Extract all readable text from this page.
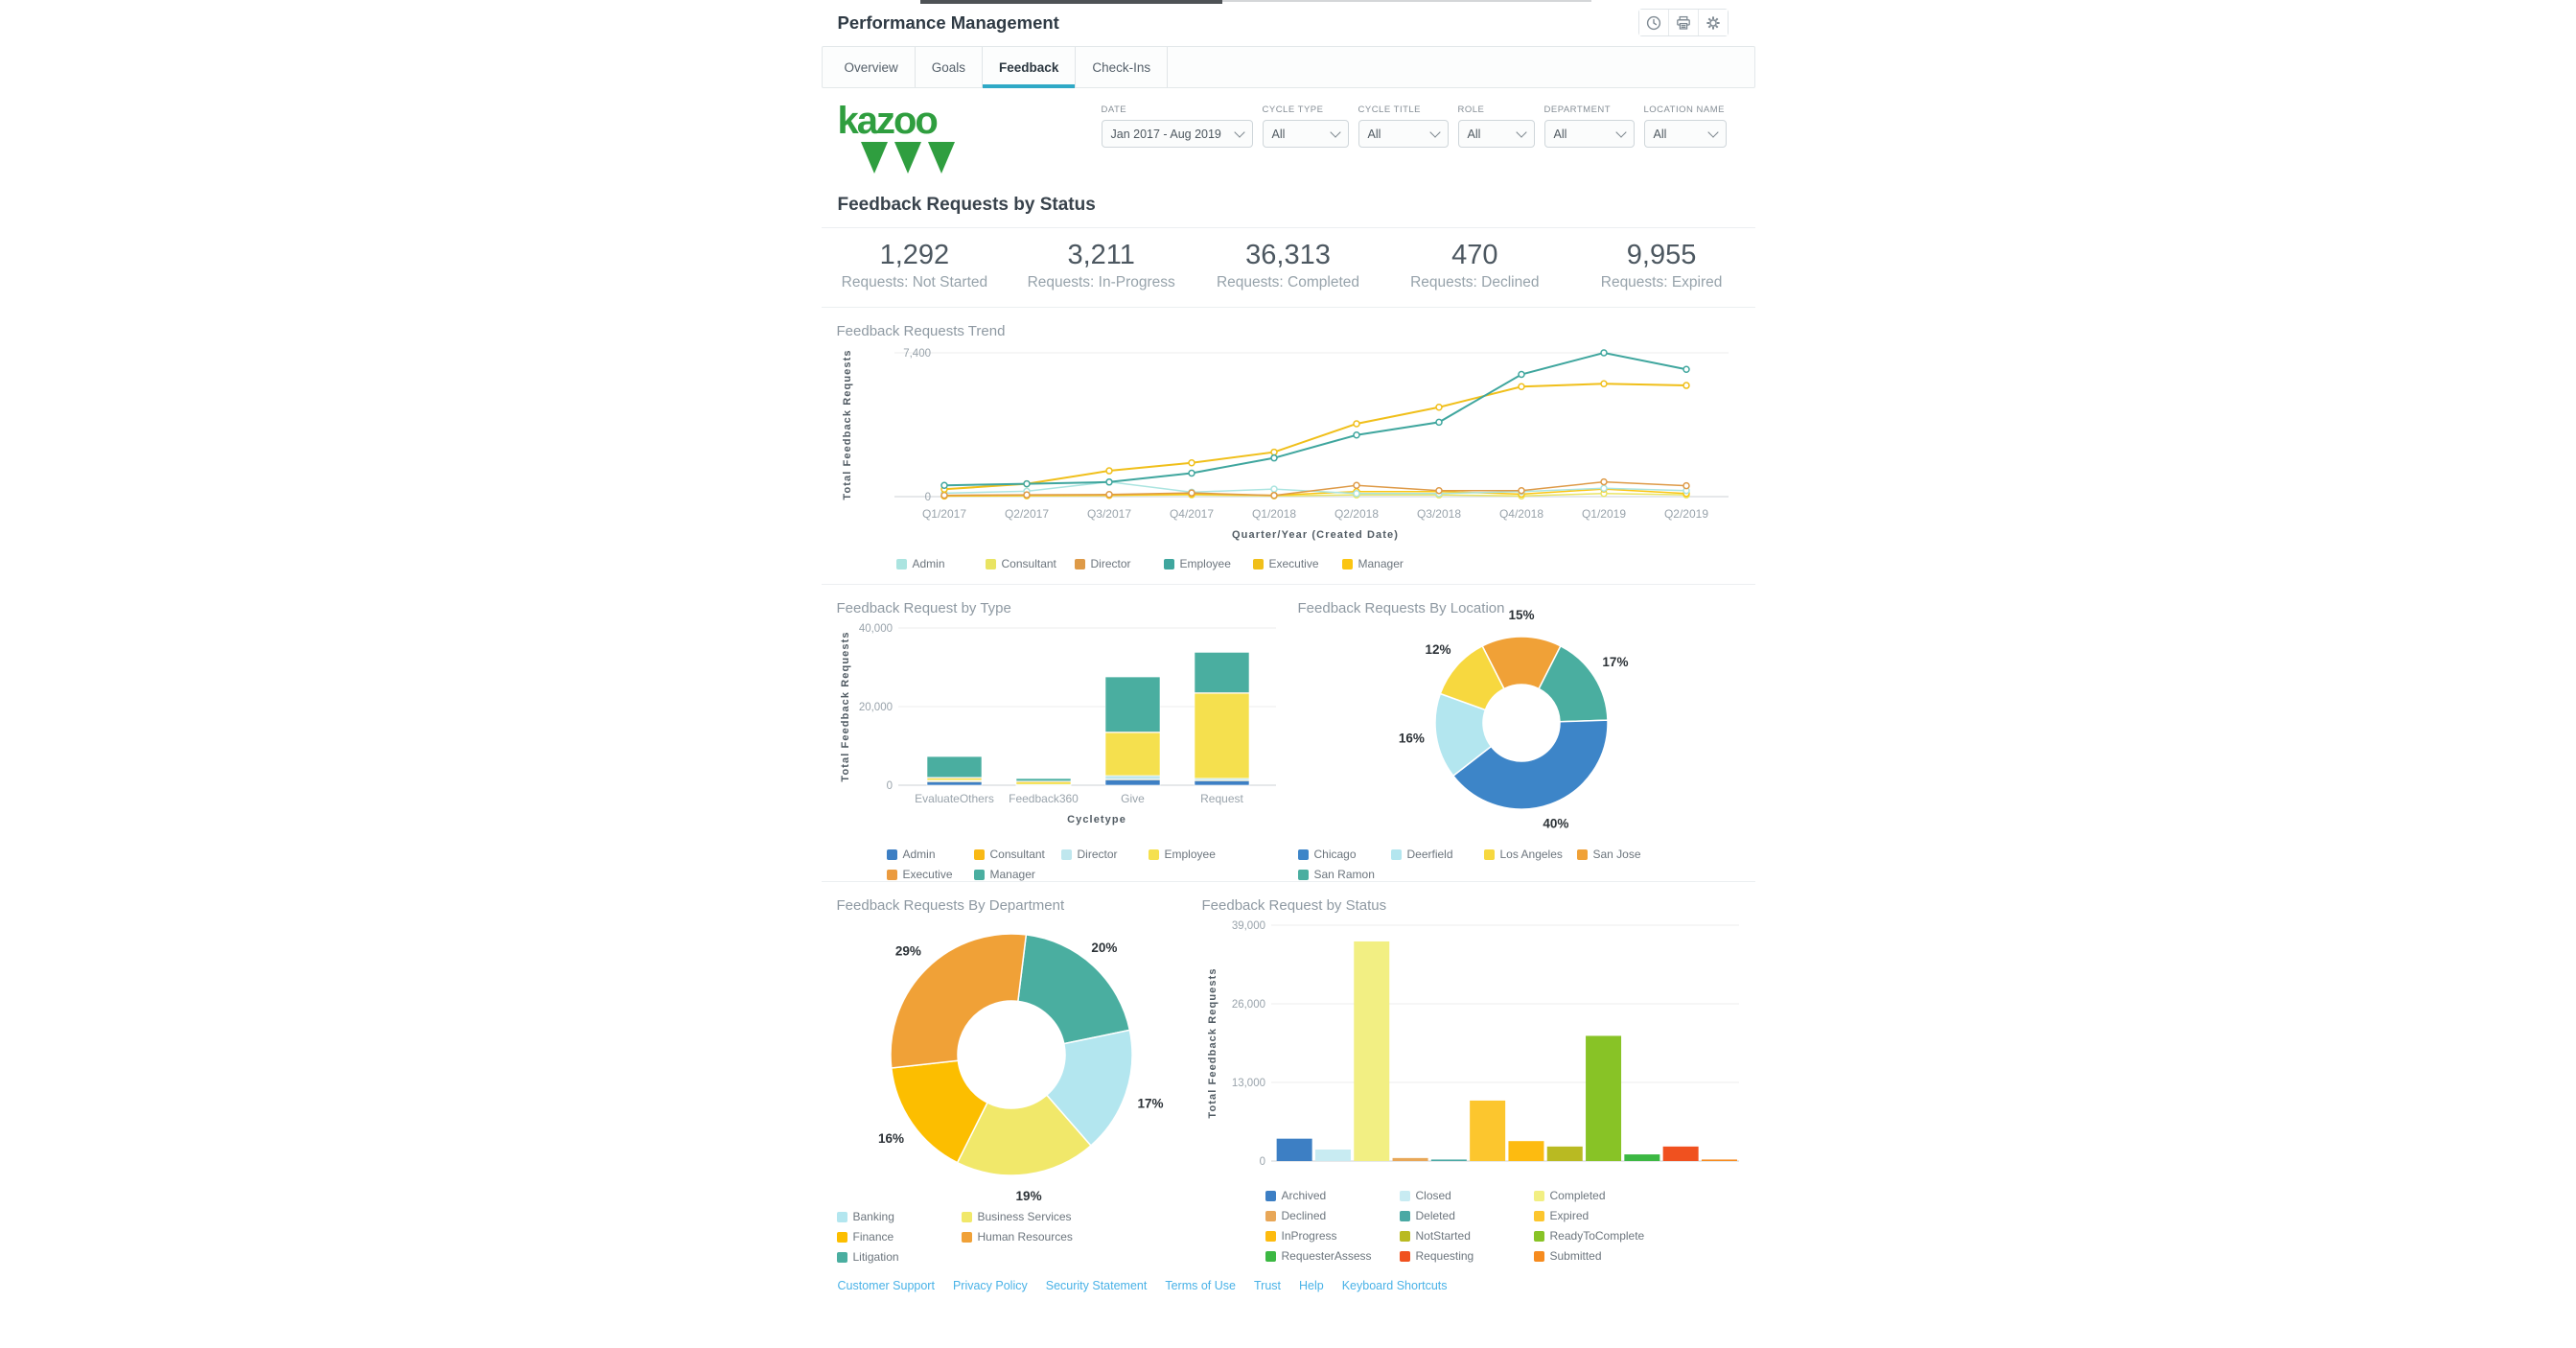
Performance Management
Overview	Goals	Feedback	Check-Ins
kazoo	DATE
Jan 2017 - Aug 2019
CYCLE TYPE
All
CYCLE TITLE
All
ROLE
All
DEPARTMENT
All
LOCATION NAME
All
Feedback Requests by Status
1,292
Requests: Not Started
3,211
Requests: In-Progress
36,313
Requests: Completed
470
Requests: Declined
9,955
Requests: Expired
Feedback Requests Trend
0
7,400
Total Feedback Requests
Q1/2017	Q2/2017	Q3/2017	Q4/2017	Q1/2018	Q2/2018	Q3/2018	Q4/2018	Q1/2019	Q2/2019
Quarter/Year (Created Date)
Admin	Consultant	Director	Employee	Executive	Manager
Feedback Request by Type
0
20,000
40,000
Total Feedback Requests
EvaluateOthers Feedback360	Give	Request
Cycletype
Admin	Consultant	Director	Employee
Executive	Manager
Feedback Requests By Location 15%
17%
40%
16%
12%
Chicago	Deerfield	Los Angeles	San Jose
San Ramon
Feedback Requests By Department
20%
17%
19%
16%
29%
Banking	Business Services
Finance	Human Resources
Litigation
Feedback Request by Status
0
13,000
26,000
39,000
Total Feedback Requests
Archived	Closed	Completed
Declined	Deleted	Expired
InProgress	NotStarted	ReadyToComplete
RequesterAssess	Requesting	Submitted
Customer Support Privacy Policy Security Statement Terms of Use Trust Help Keyboard Shortcuts
